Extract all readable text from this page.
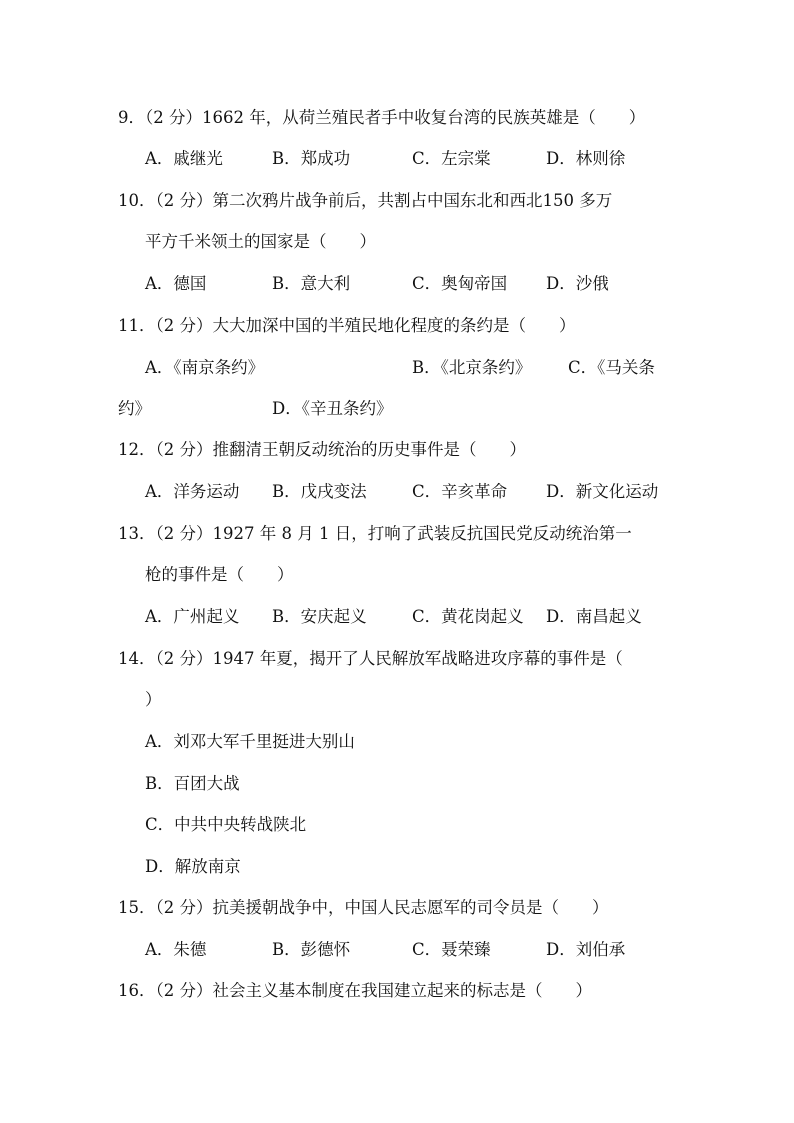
9．（2 分）1662 年，从荷兰殖民者手中收复台湾的民族英雄是（　　）
A．戚继光	B．郑成功	C．左宗棠	D．林则徐
10．（2 分）第二次鸦片战争前后，共割占中国东北和西北150 多万
平方千米领土的国家是（　　）
A．德国	B．意大利	C．奥匈帝国 D．沙俄
11．（2 分）大大加深中国的半殖民地化程度的条约是（　　）
A．《南京条约》	B．《北京条约》 C．《马关条
约》	D．《辛丑条约》
12．（2 分）推翻清王朝反动统治的历史事件是（　　）
A．洋务运动 B．戊戌变法	C．辛亥革命 D．新文化运动
13．（2 分）1927 年 8 月 1 日，打响了武装反抗国民党反动统治第一
枪的事件是（　　）
A．广州起义 B．安庆起义	C．黄花岗起义 D．南昌起义
14．（2 分）1947 年夏，揭开了人民解放军战略进攻序幕的事件是（
）
A．刘邓大军千里挺进大别山
B．百团大战
C．中共中央转战陕北
D．解放南京
15．（2 分）抗美援朝战争中，中国人民志愿军的司令员是（　　）
A．朱德	B．彭德怀	C．聂荣臻	D．刘伯承
16．（2 分）社会主义基本制度在我国建立起来的标志是（　　）
